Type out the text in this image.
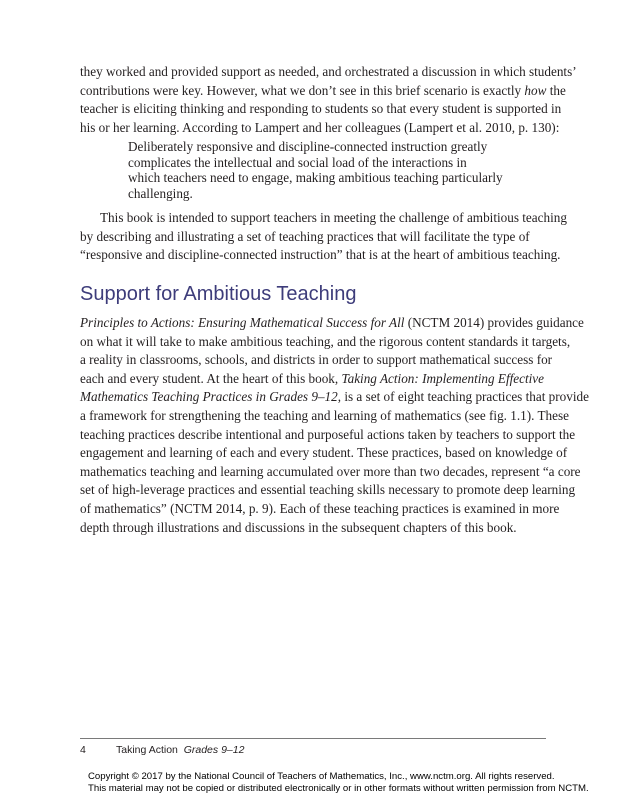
they worked and provided support as needed, and orchestrated a discussion in which students’
contributions were key. However, what we don’t see in this brief scenario is exactly how the
teacher is eliciting thinking and responding to students so that every student is supported in
his or her learning. According to Lampert and her colleagues (Lampert et al. 2010, p. 130):
Deliberately responsive and discipline-connected instruction greatly
complicates the intellectual and social load of the interactions in
which teachers need to engage, making ambitious teaching particularly
challenging.
This book is intended to support teachers in meeting the challenge of ambitious teaching
by describing and illustrating a set of teaching practices that will facilitate the type of
“responsive and discipline-connected instruction” that is at the heart of ambitious teaching.
Support for Ambitious Teaching
Principles to Actions: Ensuring Mathematical Success for All (NCTM 2014) provides guidance
on what it will take to make ambitious teaching, and the rigorous content standards it targets,
a reality in classrooms, schools, and districts in order to support mathematical success for
each and every student. At the heart of this book, Taking Action: Implementing Effective
Mathematics Teaching Practices in Grades 9–12, is a set of eight teaching practices that provide
a framework for strengthening the teaching and learning of mathematics (see fig. 1.1). These
teaching practices describe intentional and purposeful actions taken by teachers to support the
engagement and learning of each and every student. These practices, based on knowledge of
mathematics teaching and learning accumulated over more than two decades, represent “a core
set of high-leverage practices and essential teaching skills necessary to promote deep learning
of mathematics” (NCTM 2014, p. 9). Each of these teaching practices is examined in more
depth through illustrations and discussions in the subsequent chapters of this book.
4	Taking Action Grades 9–12
Copyright © 2017 by the National Council of Teachers of Mathematics, Inc., www.nctm.org. All rights reserved.
This material may not be copied or distributed electronically or in other formats without written permission from NCTM.
